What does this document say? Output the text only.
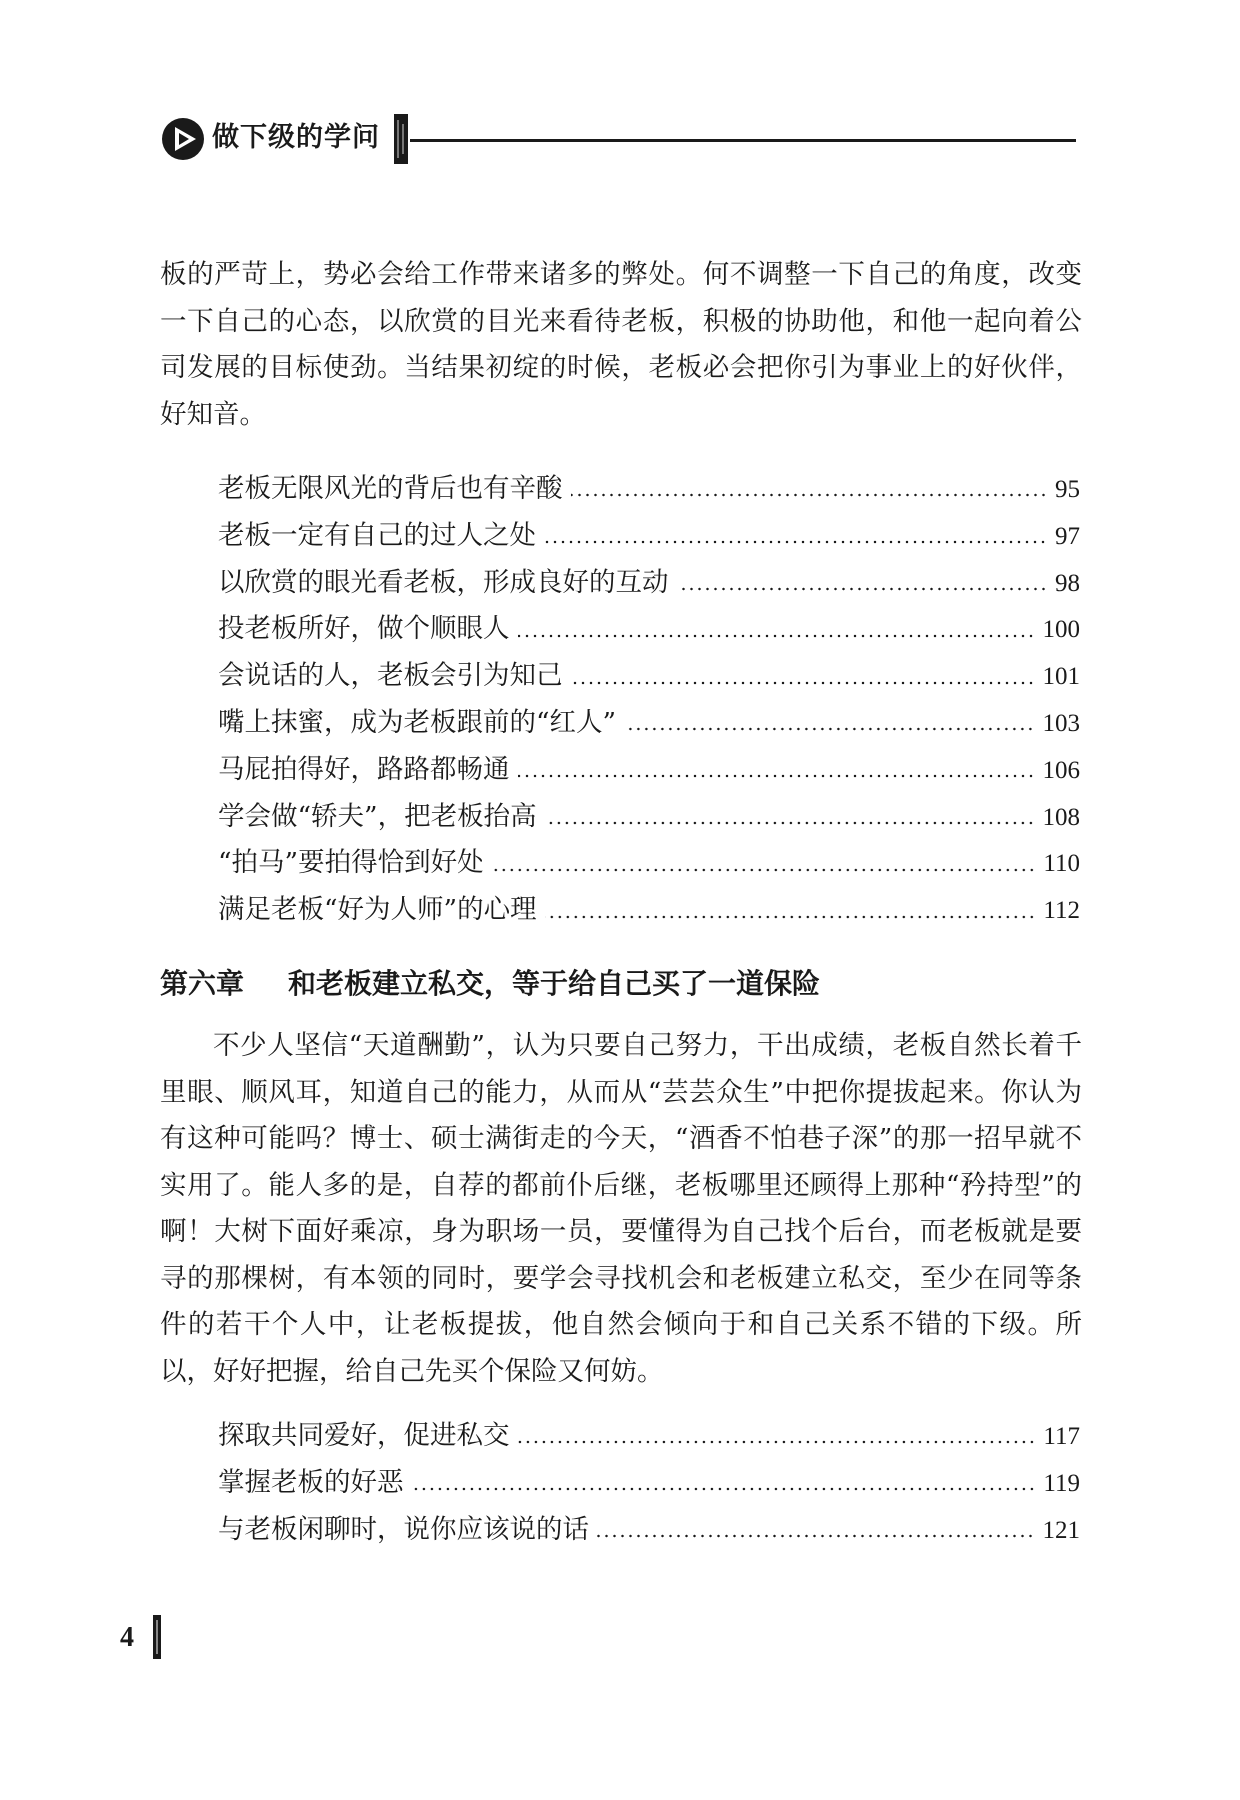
做下级的学问

板的严苛上，势必会给工作带来诸多的弊处。何不调整一下自己的角度，改变一下自己的心态，以欣赏的目光来看待老板，积极的协助他，和他一起向着公司发展的目标使劲。当结果初绽的时候，老板必会把你引为事业上的好伙伴，好知音。

老板无限风光的背后也有辛酸	95
老板一定有自己的过人之处	97
以欣赏的眼光看老板，形成良好的互动	98
投老板所好，做个顺眼人	100
会说话的人，老板会引为知己	101
嘴上抹蜜，成为老板跟前的“红人”	103
马屁拍得好，路路都畅通	106
学会做“轿夫”，把老板抬高	108
“拍马”要拍得恰到好处	110
满足老板“好为人师”的心理	112
第六章 和老板建立私交，等于给自己买了一道保险

不少人坚信“天道酬勤”，认为只要自己努力，干出成绩，老板自然长着千里眼、顺风耳，知道自己的能力，从而从“芸芸众生”中把你提拔起来。你认为有这种可能吗？博士、硕士满街走的今天，“酒香不怕巷子深”的那一招早就不实用了。能人多的是，自荐的都前仆后继，老板哪里还顾得上那种“矜持型”的啊！大树下面好乘凉，身为职场一员，要懂得为自己找个后台，而老板就是要寻的那棵树，有本领的同时，要学会寻找机会和老板建立私交，至少在同等条件的若干个人中，让老板提拔，他自然会倾向于和自己关系不错的下级。所以，好好把握，给自己先买个保险又何妨。

探取共同爱好，促进私交	117
掌握老板的好恶	119
与老板闲聊时，说你应该说的话	121
4
